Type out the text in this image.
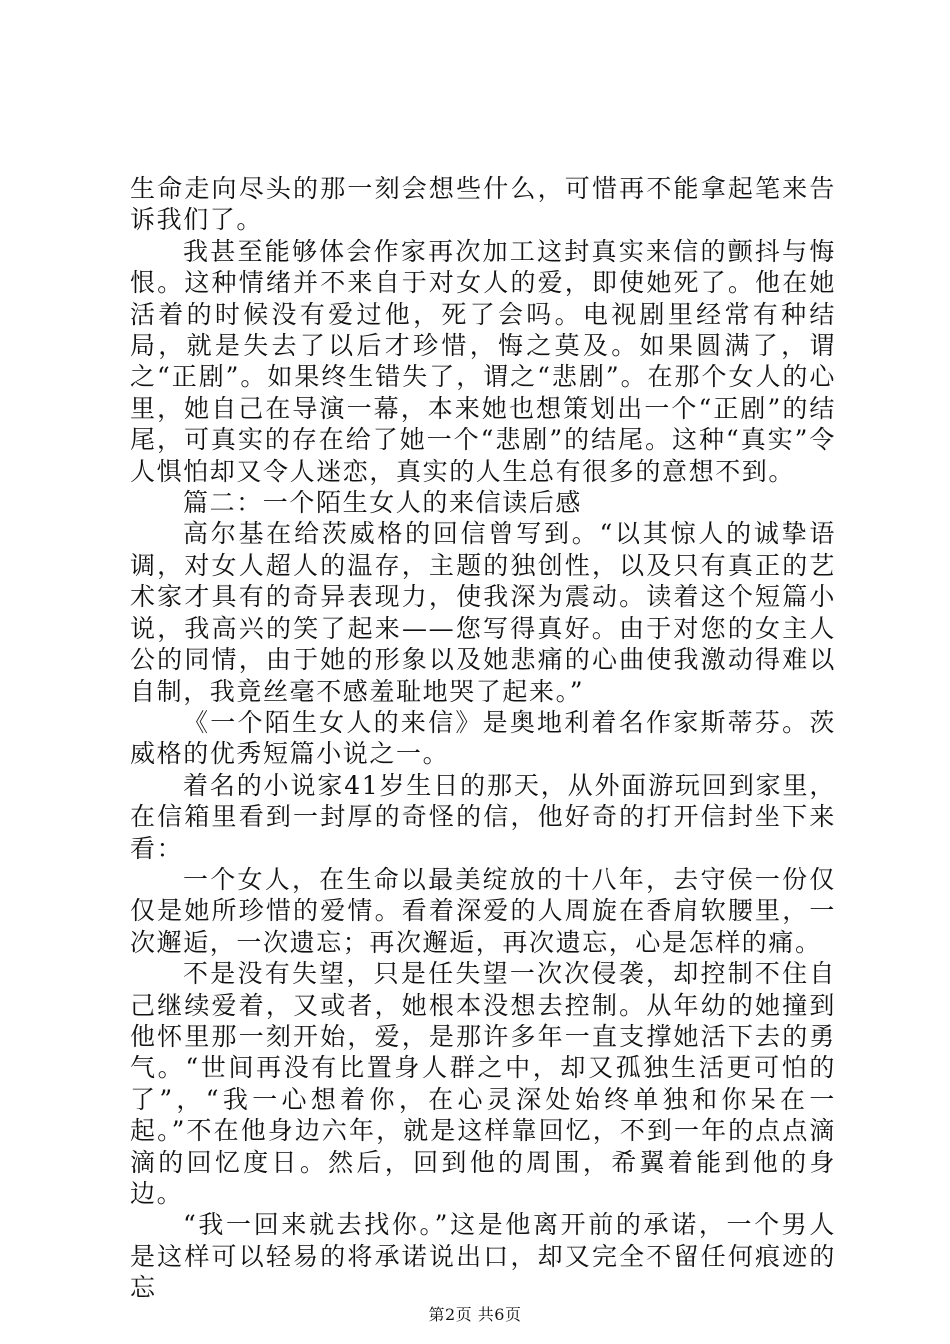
生命走向尽头的那一刻会想些什么，可惜再不能拿起笔来告诉我们了。

我甚至能够体会作家再次加工这封真实来信的颤抖与悔恨。这种情绪并不来自于对女人的爱，即使她死了。他在她活着的时候没有爱过他，死了会吗。电视剧里经常有种结局，就是失去了以后才珍惜，悔之莫及。如果圆满了，谓之“正剧”。如果终生错失了，谓之“悲剧”。在那个女人的心里，她自己在导演一幕，本来她也想策划出一个“正剧”的结尾，可真实的存在给了她一个“悲剧”的结尾。这种“真实”令人惧怕却又令人迷恋，真实的人生总有很多的意想不到。

篇二：一个陌生女人的来信读后感

高尔基在给茨威格的回信曾写到。“以其惊人的诚挚语调，对女人超人的温存，主题的独创性，以及只有真正的艺术家才具有的奇异表现力，使我深为震动。读着这个短篇小说，我高兴的笑了起来——您写得真好。由于对您的女主人公的同情，由于她的形象以及她悲痛的心曲使我激动得难以自制，我竟丝毫不感羞耻地哭了起来。”

《一个陌生女人的来信》是奥地利着名作家斯蒂芬。茨威格的优秀短篇小说之一。

着名的小说家41岁生日的那天，从外面游玩回到家里，在信箱里看到一封厚的奇怪的信，他好奇的打开信封坐下来看：

一个女人，在生命以最美绽放的十八年，去守侯一份仅仅是她所珍惜的爱情。看着深爱的人周旋在香肩软腰里，一次邂逅，一次遗忘；再次邂逅，再次遗忘，心是怎样的痛。

不是没有失望，只是任失望一次次侵袭，却控制不住自己继续爱着，又或者，她根本没想去控制。从年幼的她撞到他怀里那一刻开始，爱，是那许多年一直支撑她活下去的勇气。“世间再没有比置身人群之中，却又孤独生活更可怕的了”，“我一心想着你，在心灵深处始终单独和你呆在一起。”不在他身边六年，就是这样靠回忆，不到一年的点点滴滴的回忆度日。然后，回到他的周围，希翼着能到他的身边。

“我一回来就去找你。”这是他离开前的承诺，一个男人是这样可以轻易的将承诺说出口，却又完全不留任何痕迹的忘

第2页 共6页
